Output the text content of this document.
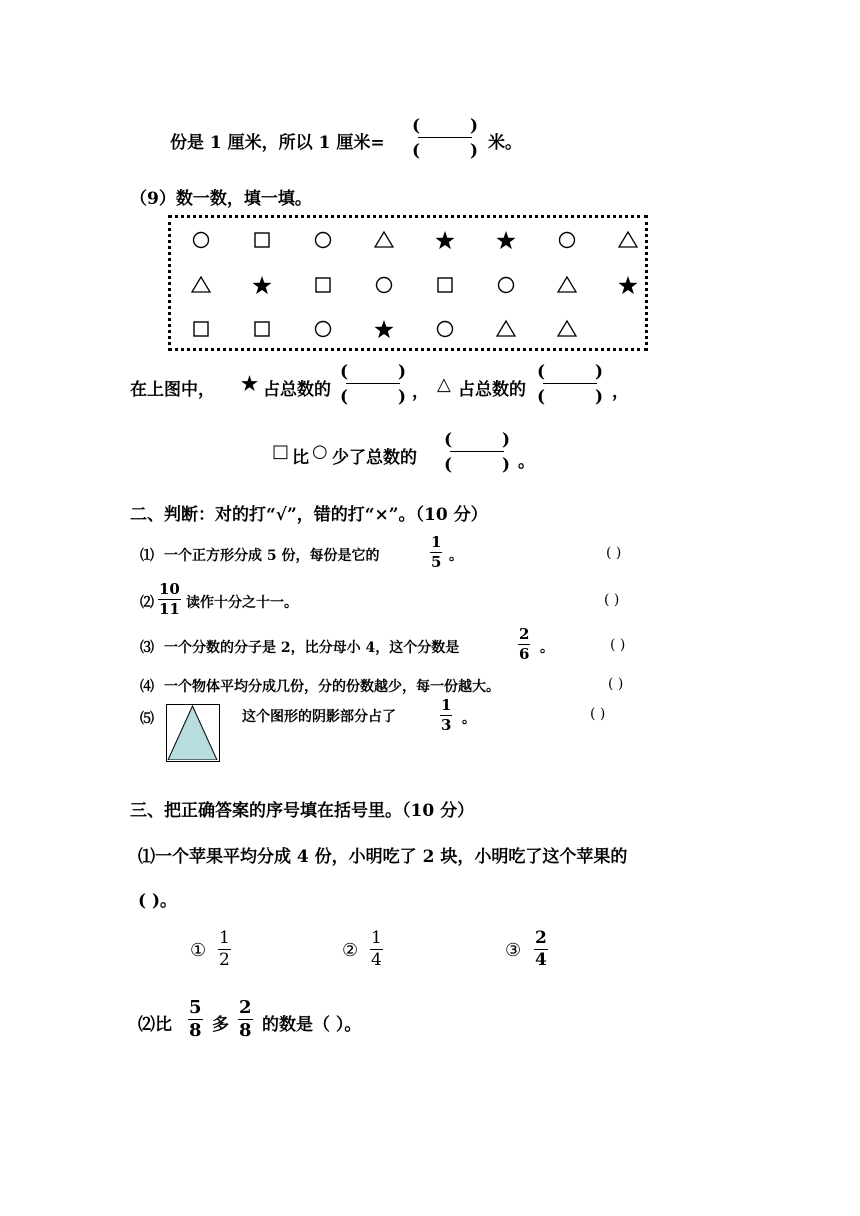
份是 1 厘米，所以 1 厘米=
(	)
(	) 米。
（9）数一数，填一填。
在上图中， ★ 占总数的
(	)
(	) ， △ 占总数的
(	)
(	) ，
□ 比 ○ 少了总数的
(	)
(	) 。
二、判断：对的打“√”，错的打“×”。（10 分）
⑴ 一个正方形分成 5 份，每份是它的
1
5 。	( )
⑵
10
11 读作十分之十一。	( )
⑶ 一个分数的分子是 2，比分母小 4，这个分数是
2
6 。	( )
⑷ 一个物体平均分成几份，分的份数越少，每一份越大。	( )
⑸	这个图形的阴影部分占了
1
3 。	( )
三、把正确答案的序号填在括号里。（10 分）
⑴一个苹果平均分成 4 份，小明吃了 2 块，小明吃了这个苹果的
( )。
①
1
2	②
1
4	③
2
4
⑵比
5
8 多
2
8 的数是（ ）。
